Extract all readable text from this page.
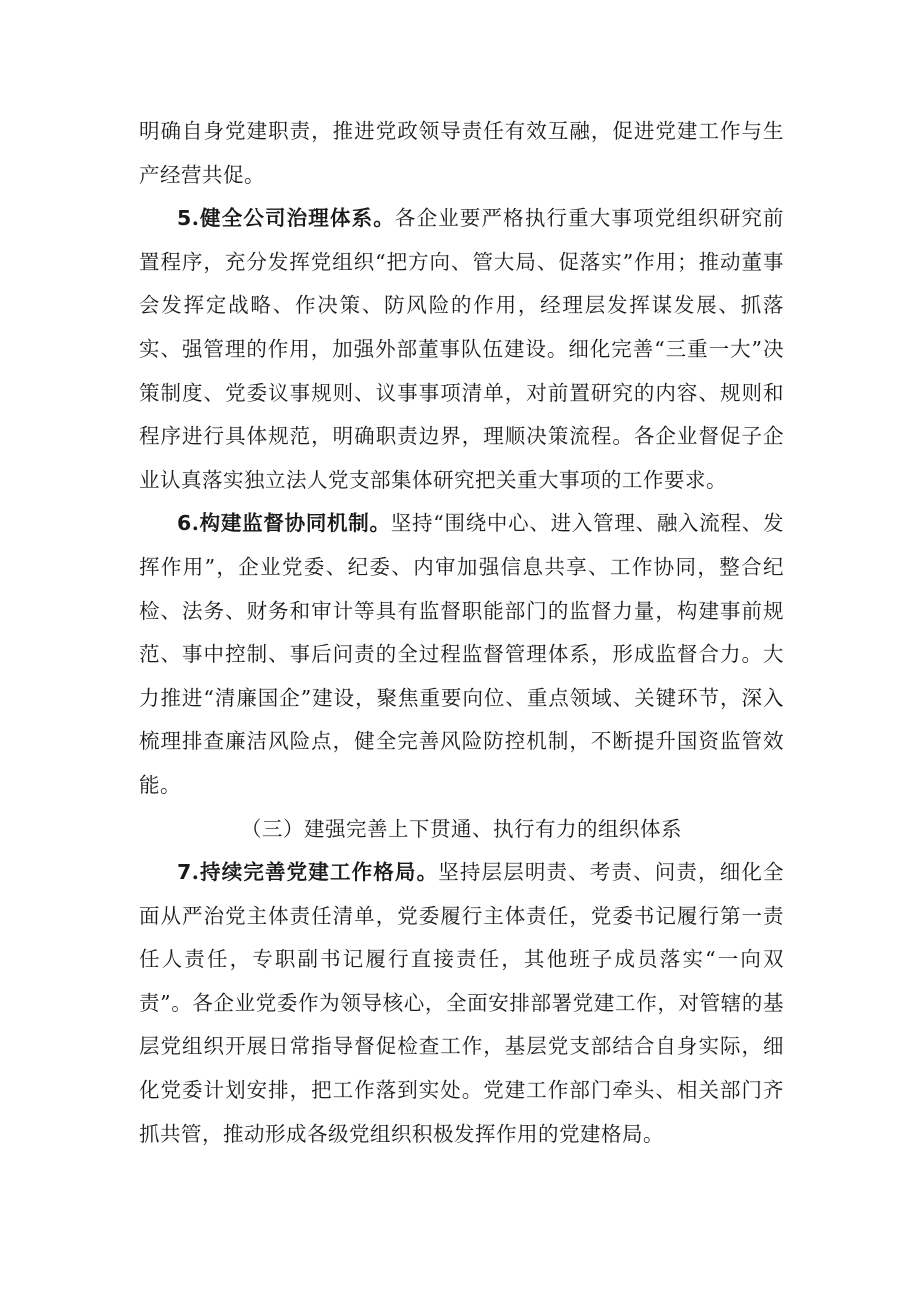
明确自身党建职责，推进党政领导责任有效互融，促进党建工作与生产经营共促。

5.健全公司治理体系。各企业要严格执行重大事项党组织研究前置程序，充分发挥党组织“把方向、管大局、促落实”作用；推动董事会发挥定战略、作决策、防风险的作用，经理层发挥谋发展、抓落实、强管理的作用，加强外部董事队伍建设。细化完善“三重一大”决策制度、党委议事规则、议事事项清单，对前置研究的内容、规则和程序进行具体规范，明确职责边界，理顺决策流程。各企业督促子企业认真落实独立法人党支部集体研究把关重大事项的工作要求。

6.构建监督协同机制。坚持“围绕中心、进入管理、融入流程、发挥作用”，企业党委、纪委、内审加强信息共享、工作协同，整合纪检、法务、财务和审计等具有监督职能部门的监督力量，构建事前规范、事中控制、事后问责的全过程监督管理体系，形成监督合力。大力推进“清廉国企”建设，聚焦重要向位、重点领域、关键环节，深入梳理排查廉洁风险点，健全完善风险防控机制，不断提升国资监管效能。

（三）建强完善上下贯通、执行有力的组织体系

7.持续完善党建工作格局。坚持层层明责、考责、问责，细化全面从严治党主体责任清单，党委履行主体责任，党委书记履行第一责任人责任，专职副书记履行直接责任，其他班子成员落实“一向双责”。各企业党委作为领导核心，全面安排部署党建工作，对管辖的基层党组织开展日常指导督促检查工作，基层党支部结合自身实际，细化党委计划安排，把工作落到实处。党建工作部门牵头、相关部门齐抓共管，推动形成各级党组织积极发挥作用的党建格局。
